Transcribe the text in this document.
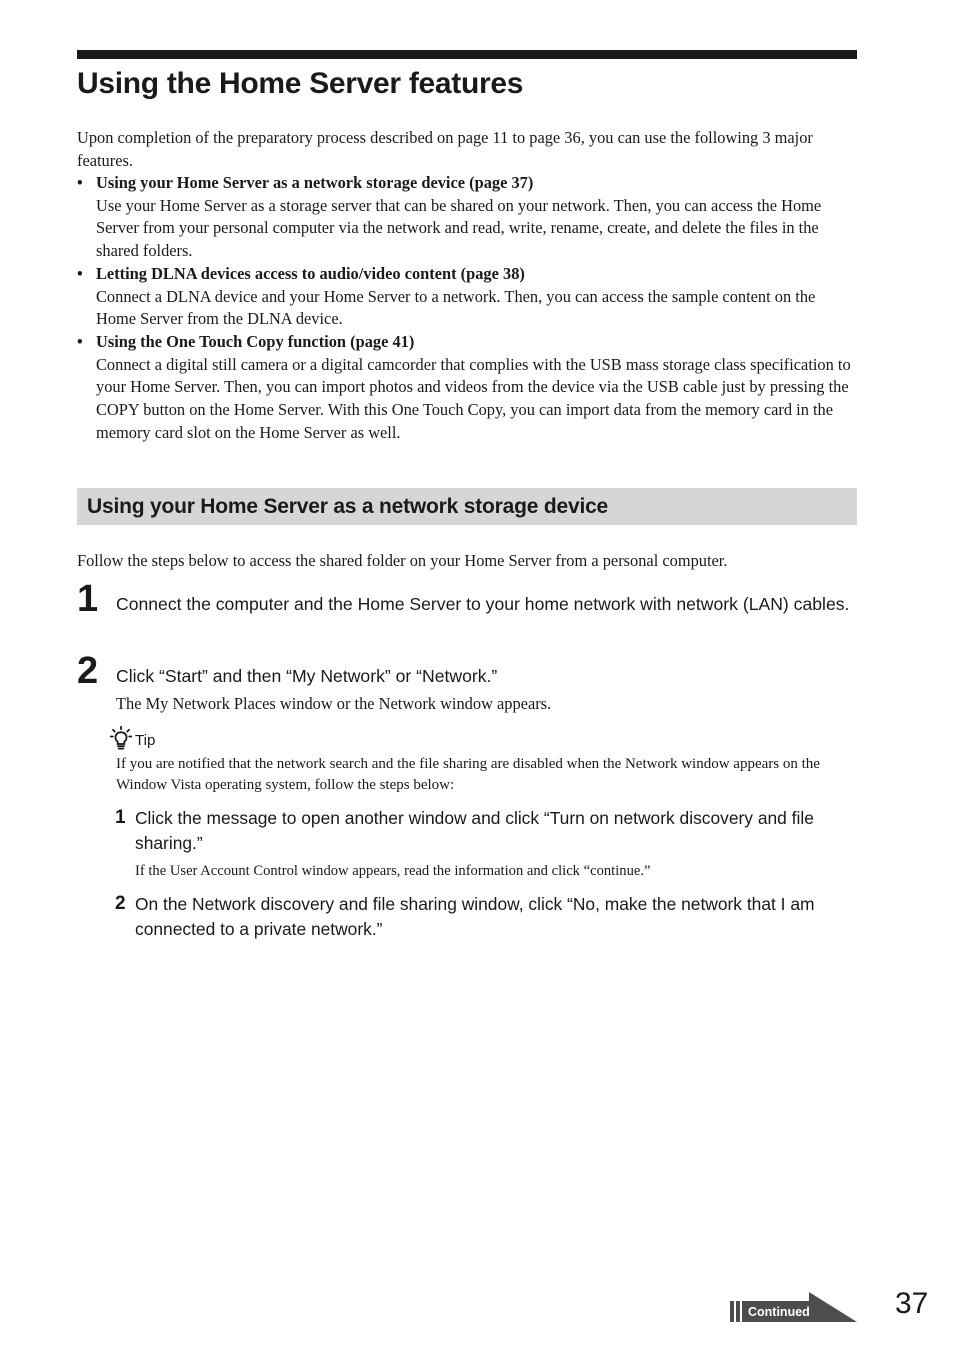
Using the Home Server features

Upon completion of the preparatory process described on page 11 to page 36, you can use the following 3 major features.

• Using your Home Server as a network storage device (page 37)
Use your Home Server as a storage server that can be shared on your network. Then, you can access the Home Server from your personal computer via the network and read, write, rename, create, and delete the files in the shared folders.
• Letting DLNA devices access to audio/video content (page 38)
Connect a DLNA device and your Home Server to a network. Then, you can access the sample content on the Home Server from the DLNA device.
• Using the One Touch Copy function (page 41)
Connect a digital still camera or a digital camcorder that complies with the USB mass storage class specification to your Home Server. Then, you can import photos and videos from the device via the USB cable just by pressing the COPY button on the Home Server. With this One Touch Copy, you can import data from the memory card in the memory card slot on the Home Server as well.
Using your Home Server as a network storage device

Follow the steps below to access the shared folder on your Home Server from a personal computer.

1 Connect the computer and the Home Server to your home network with network (LAN) cables.

2 Click “Start” and then “My Network” or “Network.”

The My Network Places window or the Network window appears.

Tip

If you are notified that the network search and the file sharing are disabled when the Network window appears on the Window Vista operating system, follow the steps below:

1 Click the message to open another window and click “Turn on network discovery and file sharing.”

If the User Account Control window appears, read the information and click “continue.”

2 On the Network discovery and file sharing window, click “No, make the network that I am connected to a private network.”

Continued	37
